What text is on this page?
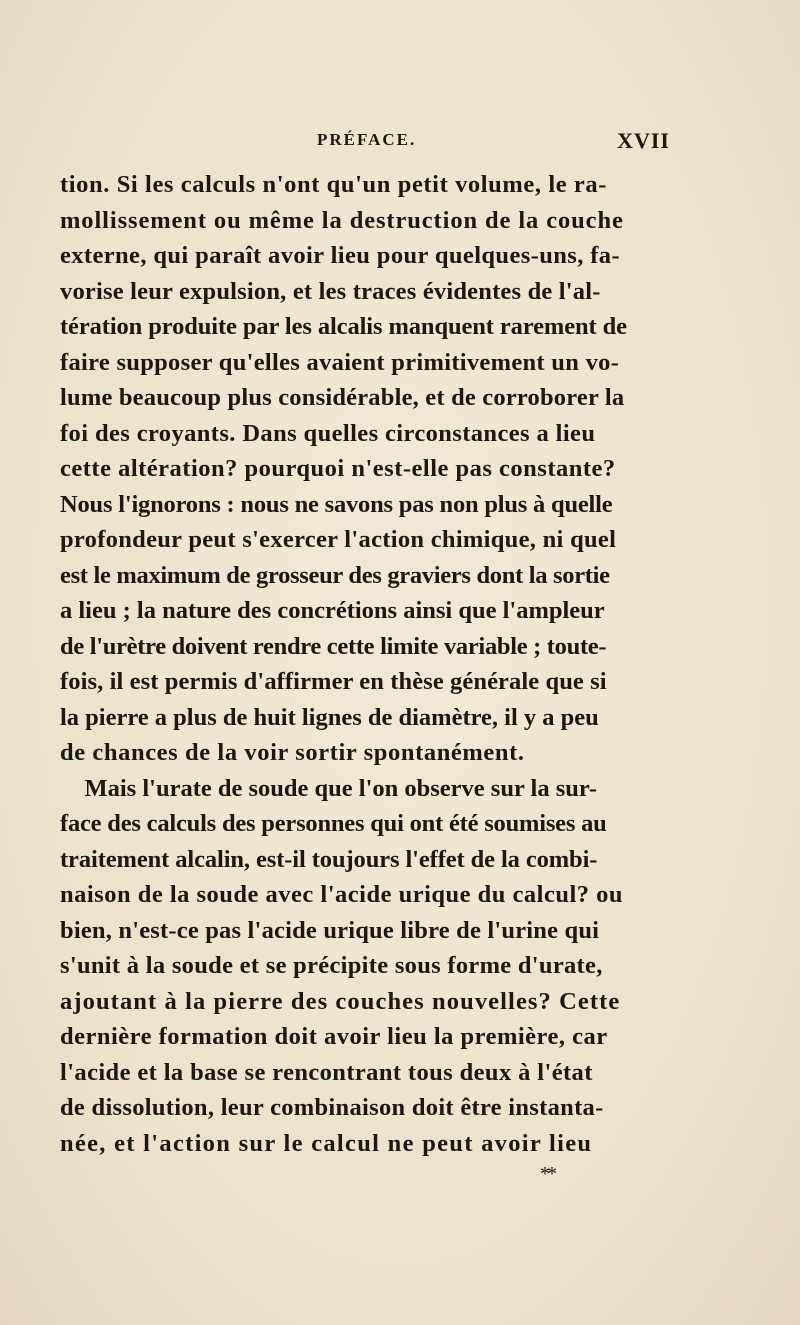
PRÉFACE.	XVII
tion. Si les calculs n'ont qu'un petit volume, le ra-
mollissement ou même la destruction de la couche
externe, qui paraît avoir lieu pour quelques-uns, fa-
vorise leur expulsion, et les traces évidentes de l'al-
tération produite par les alcalis manquent rarement de
faire supposer qu'elles avaient primitivement un vo-
lume beaucoup plus considérable, et de corroborer la
foi des croyants. Dans quelles circonstances a lieu
cette altération? pourquoi n'est-elle pas constante?
Nous l'ignorons : nous ne savons pas non plus à quelle
profondeur peut s'exercer l'action chimique, ni quel
est le maximum de grosseur des graviers dont la sortie
a lieu ; la nature des concrétions ainsi que l'ampleur
de l'urètre doivent rendre cette limite variable ; toute-
fois, il est permis d'affirmer en thèse générale que si
la pierre a plus de huit lignes de diamètre, il y a peu
de chances de la voir sortir spontanément.
Mais l'urate de soude que l'on observe sur la sur-
face des calculs des personnes qui ont été soumises au
traitement alcalin, est-il toujours l'effet de la combi-
naison de la soude avec l'acide urique du calcul? ou
bien, n'est-ce pas l'acide urique libre de l'urine qui
s'unit à la soude et se précipite sous forme d'urate,
ajoutant à la pierre des couches nouvelles? Cette
dernière formation doit avoir lieu la première, car
l'acide et la base se rencontrant tous deux à l'état
de dissolution, leur combinaison doit être instanta-
née, et l'action sur le calcul ne peut avoir lieu
**
